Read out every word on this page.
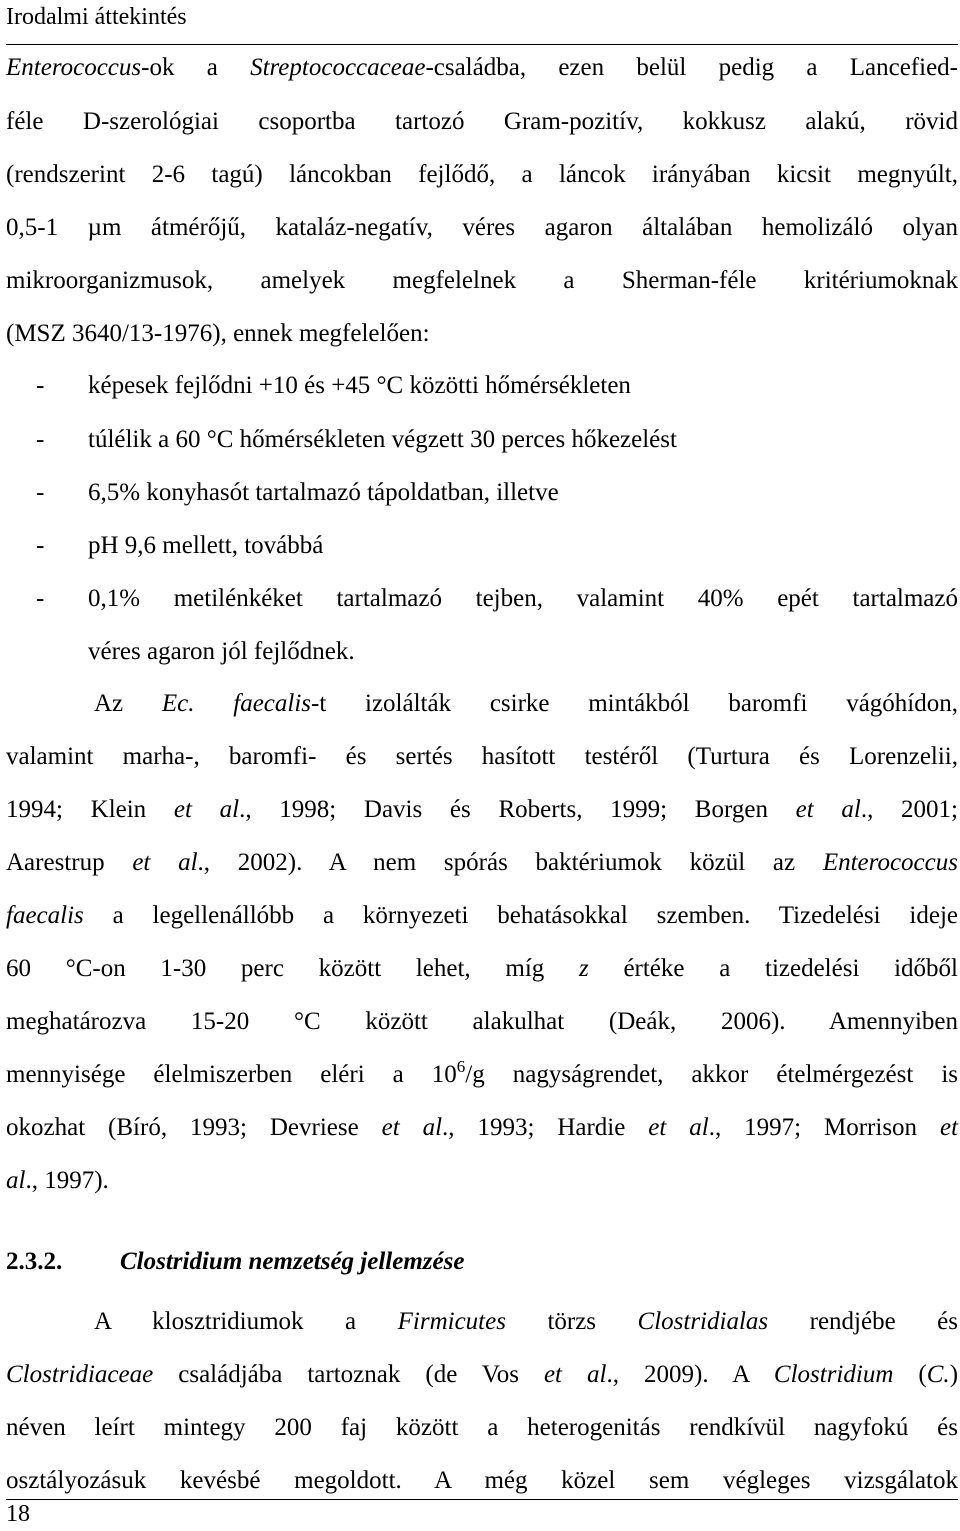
Irodalmi áttekintés
Enterococcus-ok a Streptococcaceae-családba, ezen belül pedig a Lancefied-
féle D-szerológiai csoportba tartozó Gram-pozitív, kokkusz alakú, rövid
(rendszerint 2-6 tagú) láncokban fejlődő, a láncok irányában kicsit megnyúlt,
0,5-1 µm átmérőjű, kataláz-negatív, véres agaron általában hemolizáló olyan
mikroorganizmusok, amelyek megfelelnek a Sherman-féle kritériumoknak
(MSZ 3640/13-1976), ennek megfelelően:
- képesek fejlődni +10 és +45 °C közötti hőmérsékleten
- túlélik a 60 °C hőmérsékleten végzett 30 perces hőkezelést
- 6,5% konyhasót tartalmazó tápoldatban, illetve
- pH 9,6 mellett, továbbá
- 0,1% metilénkéket tartalmazó tejben, valamint 40% epét tartalmazó
véres agaron jól fejlődnek.
Az Ec. faecalis-t izolálták csirke mintákból baromfi vágóhídon,
valamint marha-, baromfi- és sertés hasított testéről (Turtura és Lorenzelii,
1994; Klein et al., 1998; Davis és Roberts, 1999; Borgen et al., 2001;
Aarestrup et al., 2002). A nem spórás baktériumok közül az Enterococcus
faecalis a legellenállóbb a környezeti behatásokkal szemben. Tizedelési ideje
60 °C-on 1-30 perc között lehet, míg z értéke a tizedelési időből
meghatározva 15-20 °C között alakulhat (Deák, 2006). Amennyiben
mennyisége élelmiszerben eléri a $10^6/g$ nagyságrendet, akkor ételmérgezést is
okozhat (Bíró, 1993; Devriese et al., 1993; Hardie et al., 1997; Morrison et
al., 1997).
2.3.2. Clostridium nemzetség jellemzése
A klosztridiumok a Firmicutes törzs Clostridialas rendjébe és
Clostridiaceae családjába tartoznak (de Vos et al., 2009). A Clostridium (C.)
néven leírt mintegy 200 faj között a heterogenitás rendkívül nagyfokú és
osztályozásuk kevésbé megoldott. A még közel sem végleges vizsgálatok
18
